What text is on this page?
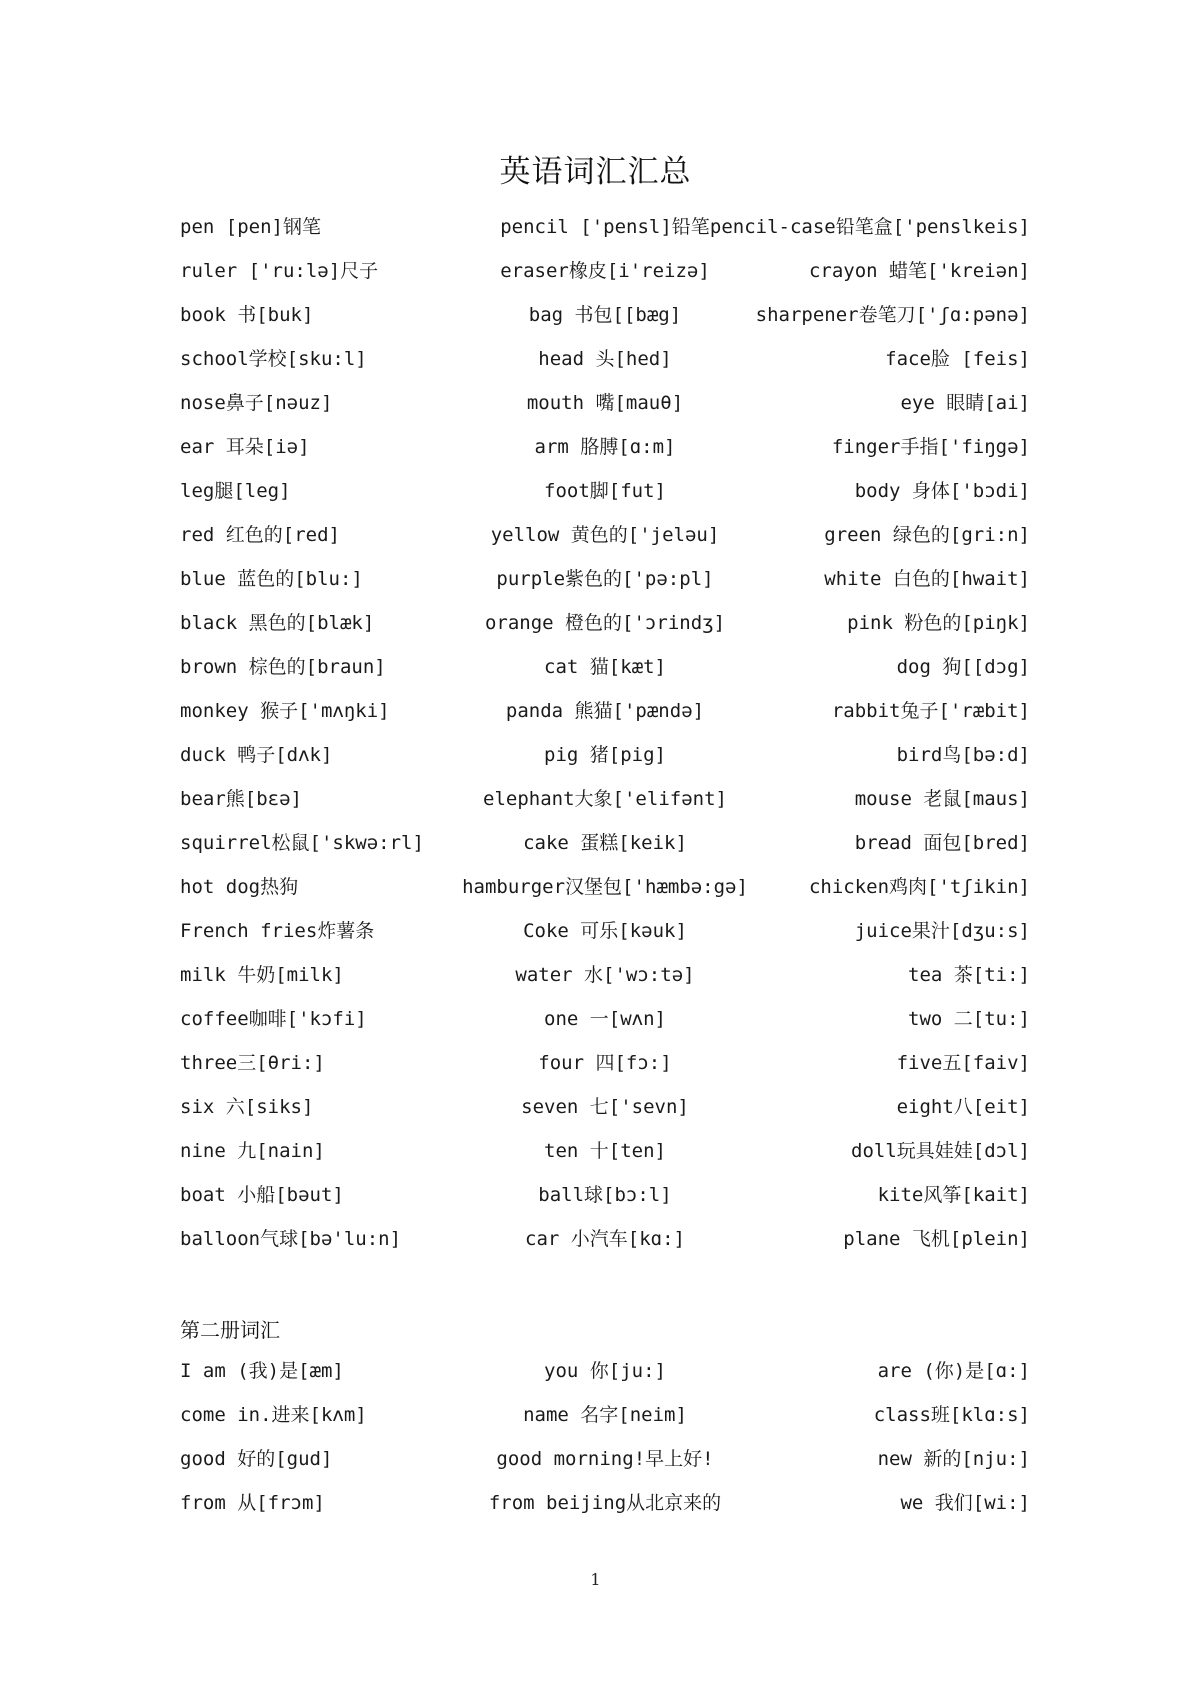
英语词汇汇总
pen [pen]钢笔	pencil ['pensl]铅笔 pencil-case铅笔盒['penslkeis]
ruler ['ru:lə]尺子	eraser橡皮[i'reizə]	crayon 蜡笔['kreiən]
book 书[buk]	bag 书包[[bæg]	sharpener卷笔刀['ʃɑ:pənə]
school学校[sku:l]	head 头[hed]	face脸 [feis]
nose鼻子[nəuz]	mouth 嘴[mauθ]	eye 眼睛[ai]
ear 耳朵[iə]	arm 胳膊[ɑ:m]	finger手指['fiŋgə]
leg腿[leg]	foot脚[fut]	body 身体['bɔdi]
red 红色的[red]	yellow 黄色的['jeləu]	green 绿色的[gri:n]
blue 蓝色的[blu:]	purple紫色的['pə:pl]	white 白色的[hwait]
black 黑色的[blæk]	orange 橙色的['ɔrindʒ]	pink 粉色的[piŋk]
brown 棕色的[braun]	cat 猫[kæt]	dog 狗[[dɔg]
monkey 猴子['mʌŋki]	panda 熊猫['pændə]	rabbit兔子['ræbit]
duck 鸭子[dʌk]	pig 猪[pig]	bird鸟[bə:d]
bear熊[bɛə]	elephant大象['elifənt]	mouse 老鼠[maus]
squirrel松鼠['skwə:rl]	cake 蛋糕[keik]	bread 面包[bred]
hot dog热狗	hamburger汉堡包['hæmbə:gə]	chicken鸡肉['tʃikin]
French fries炸薯条	Coke 可乐[kəuk]	juice果汁[dʒu:s]
milk 牛奶[milk]	water 水['wɔ:tə]	tea 茶[ti:]
coffee咖啡['kɔfi]	one 一[wʌn]	two 二[tu:]
three三[θri:]	four 四[fɔ:]	five五[faiv]
six 六[siks]	seven 七['sevn]	eight八[eit]
nine 九[nain]	ten 十[ten]	doll玩具娃娃[dɔl]
boat 小船[bəut]	ball球[bɔ:l]	kite风筝[kait]
balloon气球[bə'lu:n]	car 小汽车[kɑ:]	plane 飞机[plein]
第二册词汇
I am (我)是[æm]	you 你[ju:]	are (你)是[ɑ:]
come in.进来[kʌm]	name 名字[neim]	class班[klɑ:s]
good 好的[gud]	good morning!早上好!	new 新的[nju:]
from 从[frɔm]	from beijing从北京来的	we 我们[wi:]
1
